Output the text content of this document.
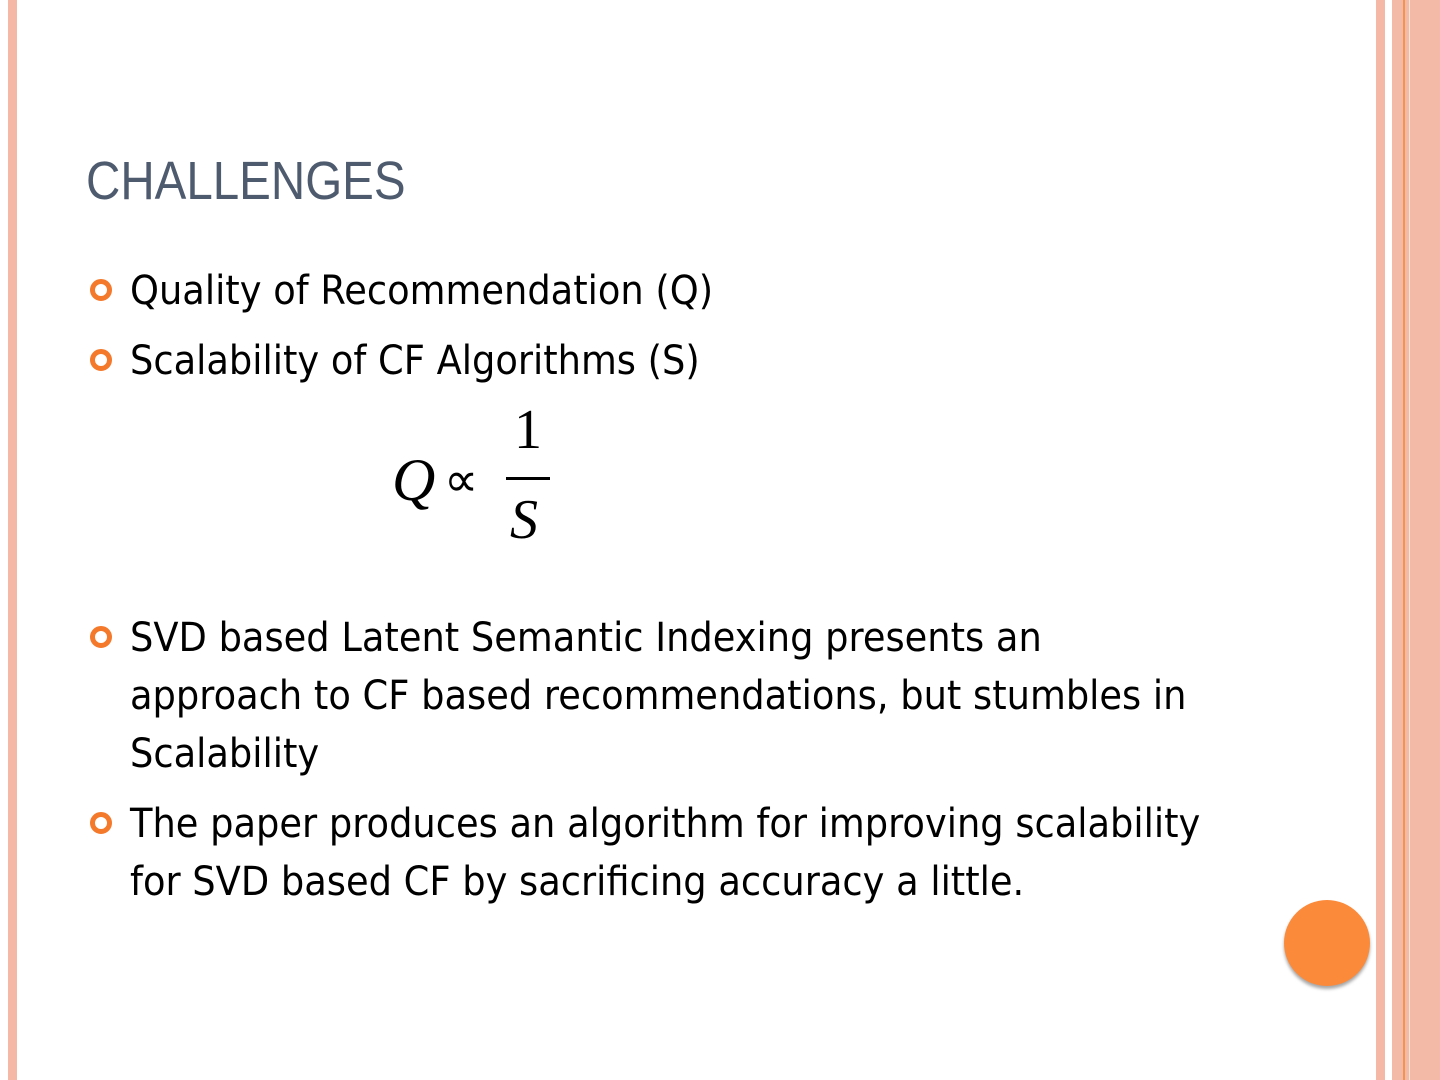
CHALLENGES
Quality of Recommendation (Q)
Scalability of CF Algorithms (S)
Q ∝
1
S
SVD based Latent Semantic Indexing presents an approach to CF based recommendations, but stumbles in Scalability
The paper produces an algorithm for improving scalability for SVD based CF by sacrificing accuracy a little.
